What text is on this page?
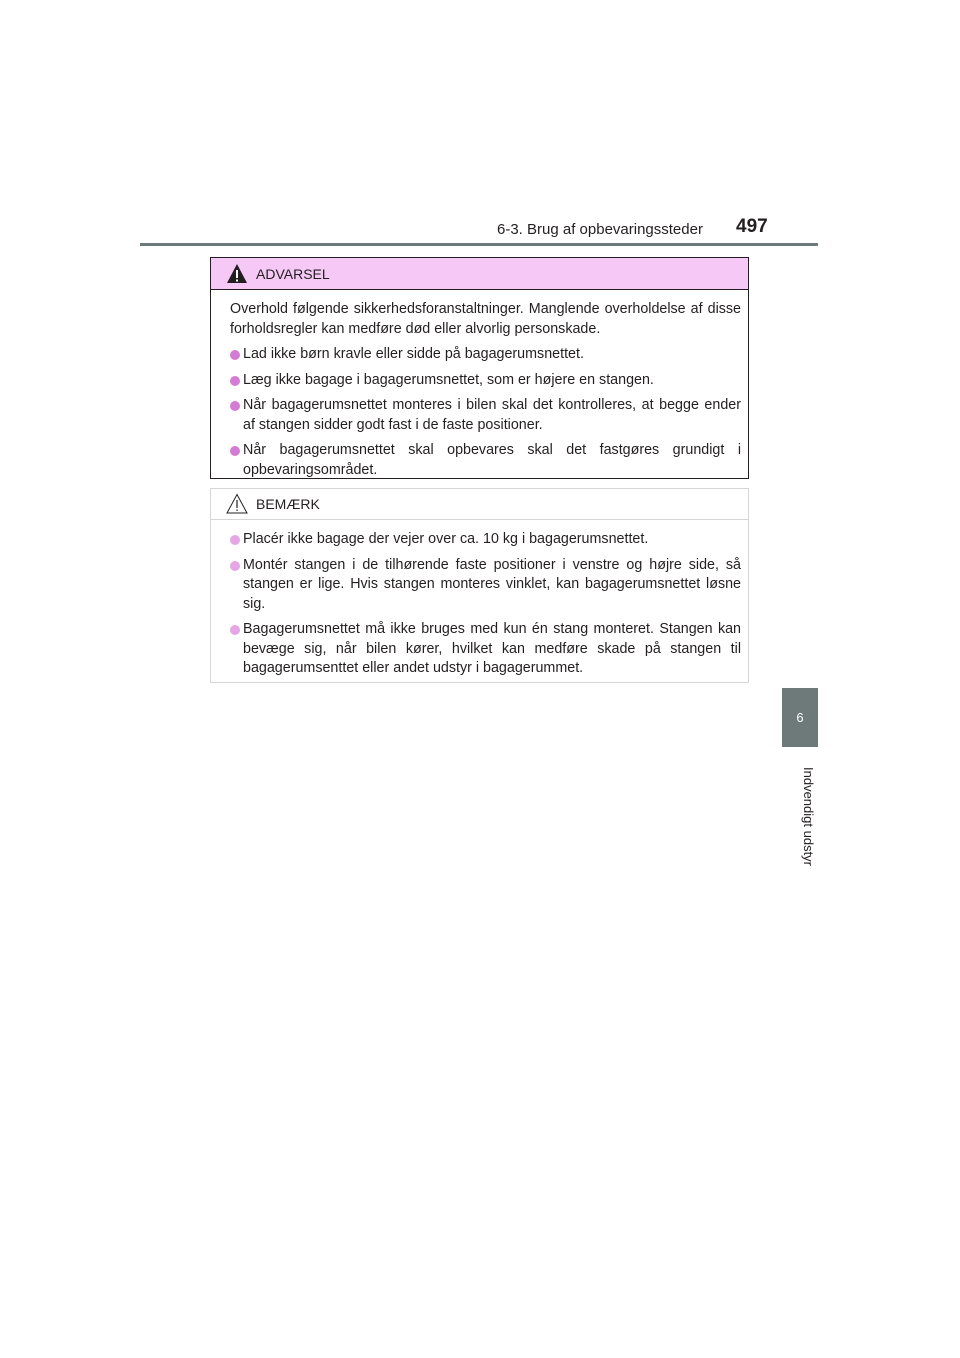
6-3. Brug af opbevaringssteder 497
6
Indvendigt udstyr
ADVARSEL

Overhold følgende sikkerhedsforanstaltninger. Manglende overholdelse af disse forholdsregler kan medføre død eller alvorlig personskade.

Lad ikke børn kravle eller sidde på bagagerumsnettet.
Læg ikke bagage i bagagerumsnettet, som er højere en stangen.
Når bagagerumsnettet monteres i bilen skal det kontrolleres, at begge ender af stangen sidder godt fast i de faste positioner.
Når bagagerumsnettet skal opbevares skal det fastgøres grundigt i opbevaringsområdet.
BEMÆRK
Placér ikke bagage der vejer over ca. 10 kg i bagagerumsnettet.
Montér stangen i de tilhørende faste positioner i venstre og højre side, så stangen er lige. Hvis stangen monteres vinklet, kan bagagerumsnettet løsne sig.
Bagagerumsnettet må ikke bruges med kun én stang monteret. Stangen kan bevæge sig, når bilen kører, hvilket kan medføre skade på stangen til bagagerumsenttet eller andet udstyr i bagagerummet.
